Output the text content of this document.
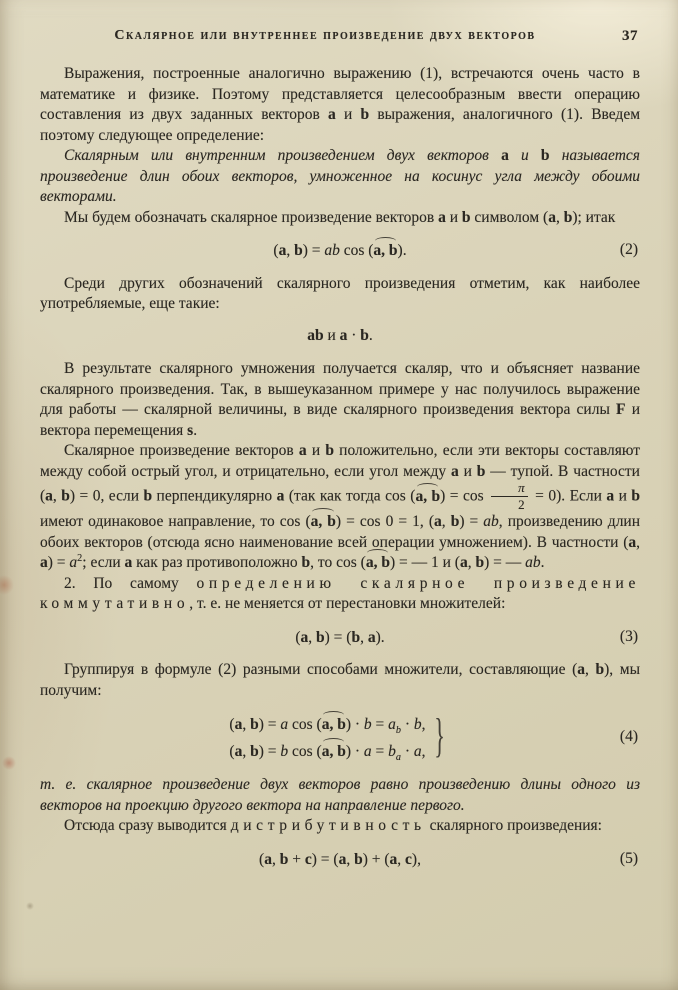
Скалярное или внутреннее произведение двух векторов	37

Выражения, построенные аналогично выражению (1), встречаются очень часто в математике и физике. Поэтому представляется целесообразным ввести операцию составления из двух заданных векторов a и b выражения, аналогичного (1). Введем поэтому следующее определение:

Скалярным или внутренним произведением двух векторов a и b называется произведение длин обоих векторов, умноженное на косинус угла между обоими векторами.

Мы будем обозначать скалярное произведение векторов a и b символом (a, b); итак

(a, b) = ab cos (a, b).	(2)

Среди других обозначений скалярного произведения отметим, как наиболее употребляемые, еще такие:

ab и a · b.

В результате скалярного умножения получается скаляр, что и объясняет название скалярного произведения. Так, в вышеуказанном примере у нас получилось выражение для работы — скалярной величины, в виде скалярного произведения вектора силы F и вектора перемещения s.

Скалярное произведение векторов a и b положительно, если эти векторы составляют между собой острый угол, и отрицательно, если угол между a и b — тупой. В частности (a, b) = 0, если b перпендикулярно a (так как тогда cos (a, $b) = \cos \frac{\pi}{2} = 0$). Если a и b имеют одинаковое направление, то cos (a, b) = cos 0 = 1, (a, b) = ab, произведению длин обоих векторов (отсюда ясно наименование всей операции умножением). В частности (a, $a) = a^2$; если a как раз противоположно b, то cos (a, b) = — 1 и (a, b) = — ab.

2. По самому определению скалярное произведение коммутативно, т. е. не меняется от перестановки множителей:

(a, b) = (b, a).	(3)

Группируя в формуле (2) разными способами множители, составляющие (a, b), мы получим:

(a, b) = a cos (a, $b) \cdot b = a_b \cdot b$,
(a, b) = b cos (a, $b) \cdot a = b_a \cdot a$, }	(4)

т. е. скалярное произведение двух векторов равно произведению длины одного из векторов на проекцию другого вектора на направление первого.

Отсюда сразу выводится дистрибутивность скалярного произведения:

(a, b + c) = (a, b) + (a, c),	(5)
